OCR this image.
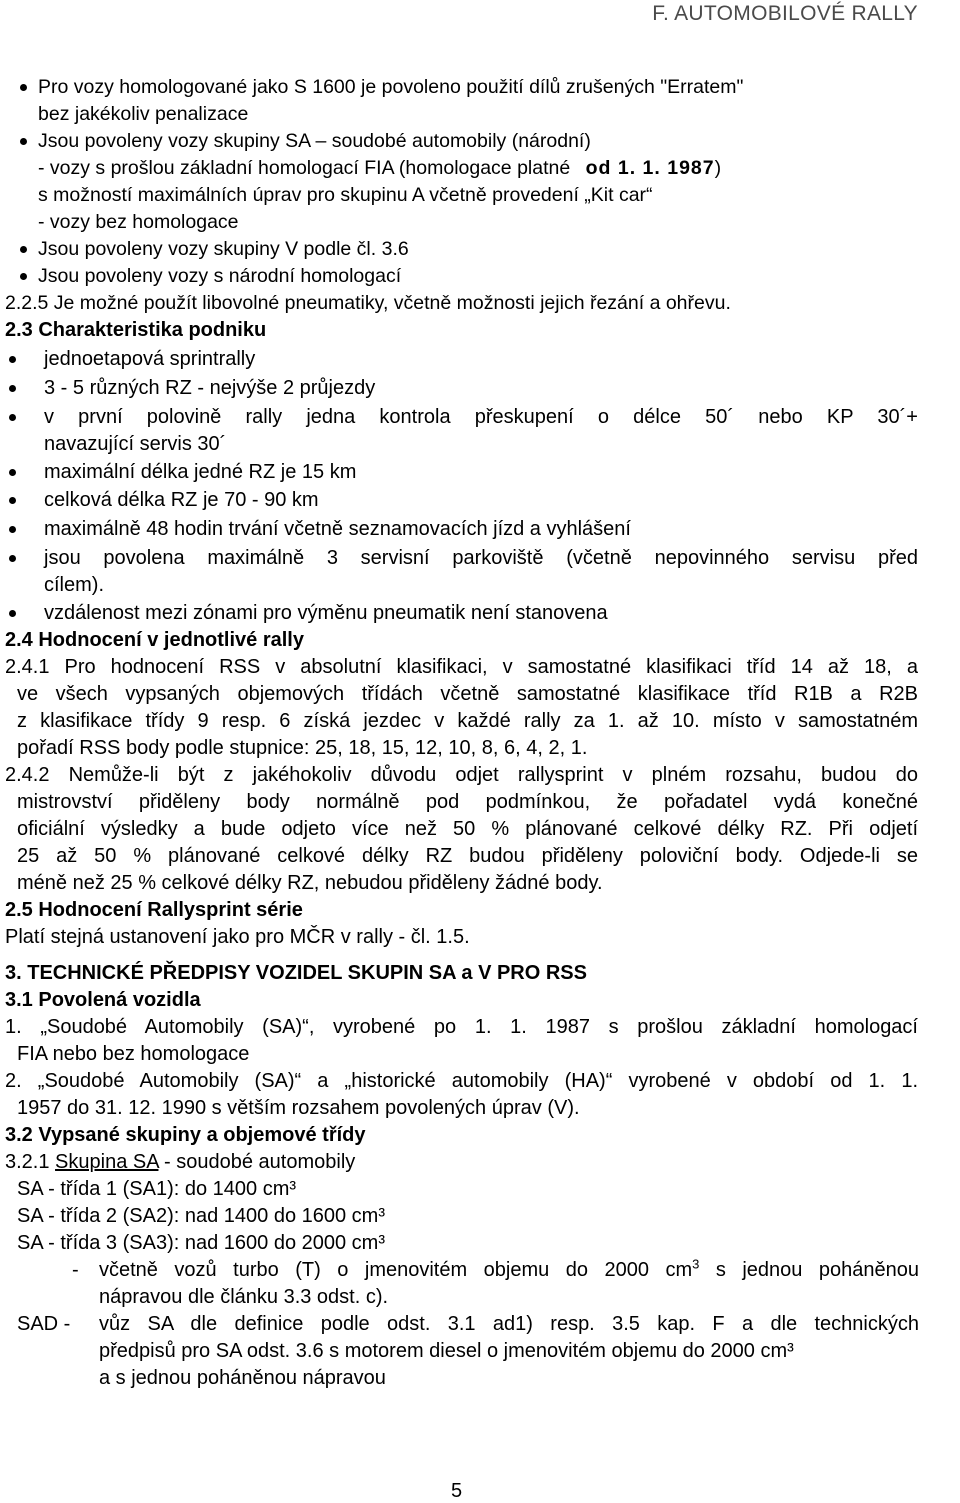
F. AUTOMOBILOVÉ RALLY
Pro vozy homologované jako S 1600 je povoleno použití dílů zrušených "Erratem"
bez jakékoliv penalizace
Jsou povoleny vozy skupiny SA – soudobé automobily (národní)
- vozy s prošlou základní homologací FIA (homologace platné od 1. 1. 1987)
s možností maximálních úprav pro skupinu A včetně provedení „Kit car“
- vozy bez homologace
Jsou povoleny vozy skupiny V podle čl. 3.6
Jsou povoleny vozy s národní homologací
2.2.5 Je možné použít libovolné pneumatiky, včetně možnosti jejich řezání a ohřevu.
2.3 Charakteristika podniku
jednoetapová sprintrally
3 - 5 různých RZ - nejvýše 2 průjezdy
v první polovině rally jedna kontrola přeskupení o délce 50´ nebo KP 30´+
navazující servis 30´
maximální délka jedné RZ je 15 km
celková délka RZ je 70 - 90 km
maximálně 48 hodin trvání včetně seznamovacích jízd a vyhlášení
jsou povolena maximálně 3 servisní parkoviště (včetně nepovinného servisu před
cílem).
vzdálenost mezi zónami pro výměnu pneumatik není stanovena
2.4 Hodnocení v jednotlivé rally
2.4.1 Pro hodnocení RSS v absolutní klasifikaci, v samostatné klasifikaci tříd 14 až 18, a
ve všech vypsaných objemových třídách včetně samostatné klasifikace tříd R1B a R2B
z klasifikace třídy 9 resp. 6 získá jezdec v každé rally za 1. až 10. místo v samostatném
pořadí RSS body podle stupnice: 25, 18, 15, 12, 10, 8, 6, 4, 2, 1.
2.4.2 Nemůže-li být z jakéhokoliv důvodu odjet rallysprint v plném rozsahu, budou do
mistrovství přiděleny body normálně pod podmínkou, že pořadatel vydá konečné
oficiální výsledky a bude odjeto více než 50 % plánované celkové délky RZ. Při odjetí
25 až 50 % plánované celkové délky RZ budou přiděleny poloviční body. Odjede-li se
méně než 25 % celkové délky RZ, nebudou přiděleny žádné body.
2.5 Hodnocení Rallysprint série
Platí stejná ustanovení jako pro MČR v rally - čl. 1.5.
3. TECHNICKÉ PŘEDPISY VOZIDEL SKUPIN SA a V PRO RSS
3.1 Povolená vozidla
1. „Soudobé Automobily (SA)“, vyrobené po 1. 1. 1987 s prošlou základní homologací
FIA nebo bez homologace
2. „Soudobé Automobily (SA)“ a „historické automobily (HA)“ vyrobené v období od 1. 1.
1957 do 31. 12. 1990 s větším rozsahem povolených úprav (V).
3.2 Vypsané skupiny a objemové třídy
3.2.1 Skupina SA - soudobé automobily
SA - třída 1 (SA1): do 1400 cm³
SA - třída 2 (SA2): nad 1400 do 1600 cm³
SA - třída 3 (SA3): nad 1600 do 2000 cm³
- včetně vozů turbo (T) o jmenovitém objemu do 2000 $cm^3$ s jednou poháněnou
nápravou dle článku 3.3 odst. c).
SAD - vůz SA dle definice podle odst. 3.1 ad1) resp. 3.5 kap. F a dle technických
předpisů pro SA odst. 3.6 s motorem diesel o jmenovitém objemu do 2000 cm³
a s jednou poháněnou nápravou
5
